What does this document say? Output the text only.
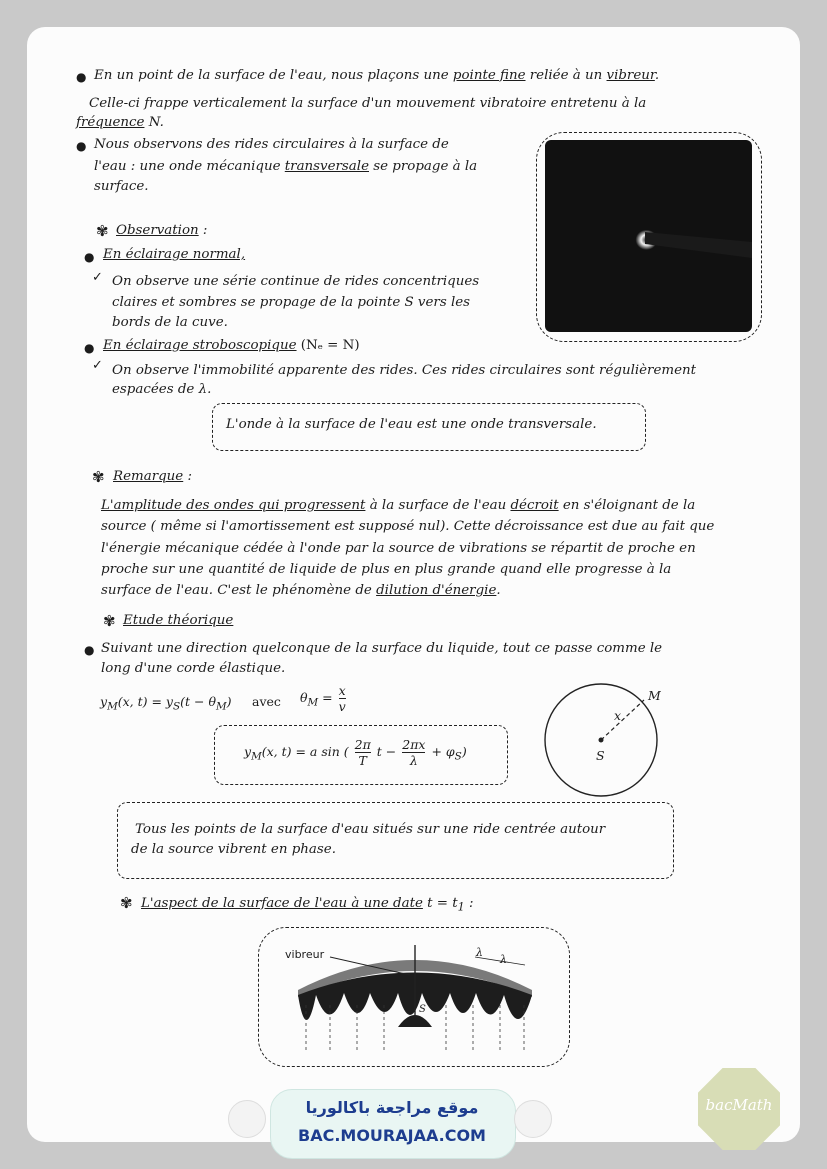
● En un point de la surface de l'eau, nous plaçons une pointe fine reliée à un vibreur.
Celle-ci frappe verticalement la surface d'un mouvement vibratoire entretenu à la
fréquence N.
● Nous observons des rides circulaires à la surface de
l'eau : une onde mécanique transversale se propage à la
surface.
✾ Observation :
● En éclairage normal,
✓ On observe une série continue de rides concentriques
claires et sombres se propage de la pointe S vers les
bords de la cuve.
● En éclairage stroboscopique (Nₑ = N)
✓ On observe l'immobilité apparente des rides. Ces rides circulaires sont régulièrement
espacées de λ.
L'onde à la surface de l'eau est une onde transversale.
✾ Remarque :
L'amplitude des ondes qui progressent à la surface de l'eau décroit en s'éloignant de la
source ( même si l'amortissement est supposé nul). Cette décroissance est due au fait que
l'énergie mécanique cédée à l'onde par la source de vibrations se répartit de proche en
proche sur une quantité de liquide de plus en plus grande quand elle progresse à la
surface de l'eau. C'est le phénomène de dilution d'énergie.
✾ Etude théorique
● Suivant une direction quelconque de la surface du liquide, tout ce passe comme le
long d'une corde élastique.
$y_M(x$, $t) = y_S(t - \theta_M)$ avec $\theta_M = \frac{x}{v}$
$y_M(x$, t) = a sin ( $\frac{2\pi}{T}$ $t - \frac{2\pi x}{\lambda} + \varphi_S$)
M
x
S
Tous les points de la surface d'eau situés sur une ride centrée autour
de la source vibrent en phase.
✾ L'aspect de la surface de l'eau à une date $t = t_1$ :
vibreur	λ
λ
S
موقع مراجعة باكالوريا
BAC.MOURAJAA.COM
bacMath
